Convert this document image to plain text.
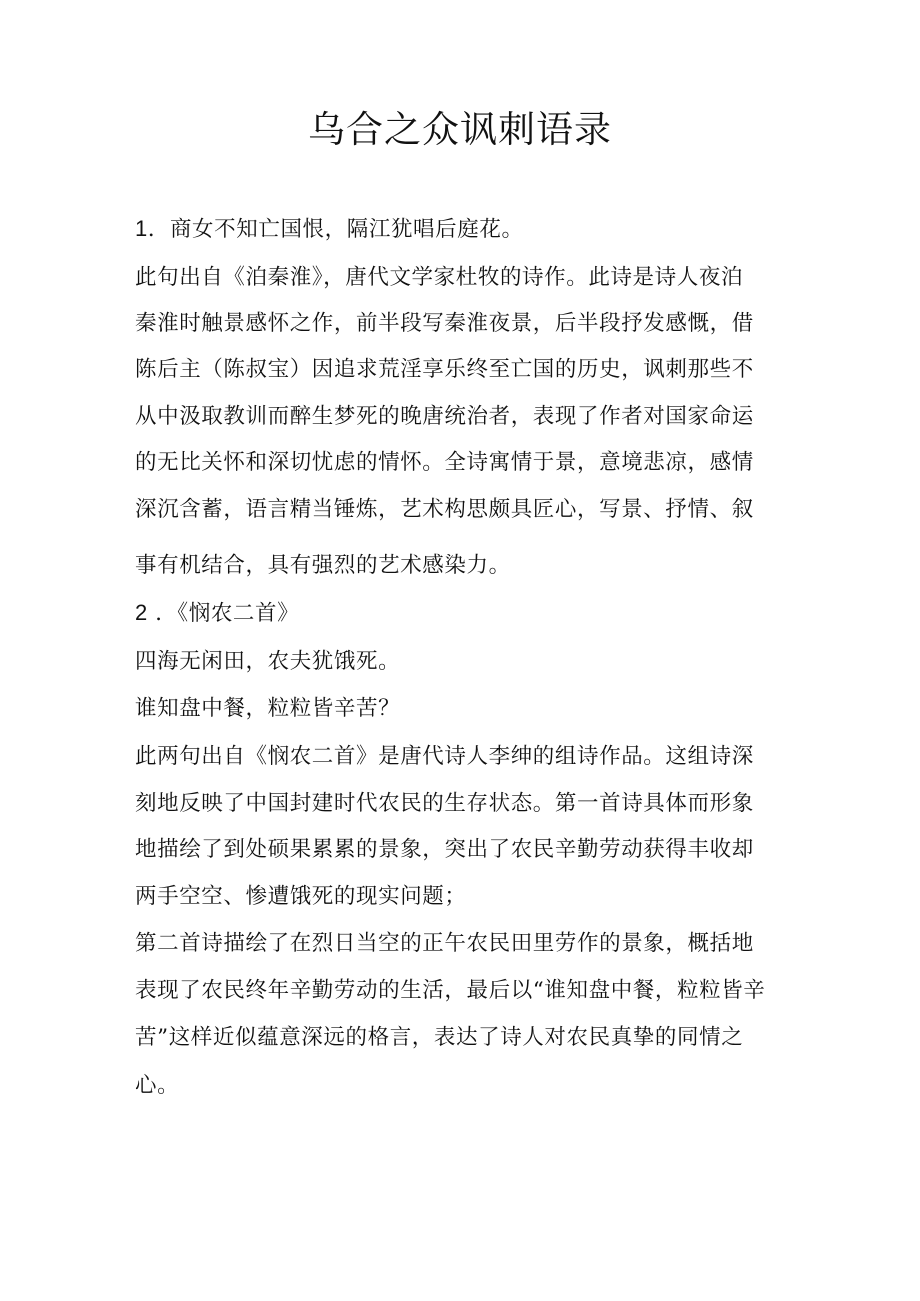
乌合之众讽刺语录

1．商女不知亡国恨，隔江犹唱后庭花。

此句出自《泊秦淮》，唐代文学家杜牧的诗作。此诗是诗人夜泊

秦淮时触景感怀之作，前半段写秦淮夜景，后半段抒发感慨，借

陈后主（陈叔宝）因追求荒淫享乐终至亡国的历史，讽刺那些不

从中汲取教训而醉生梦死的晚唐统治者，表现了作者对国家命运

的无比关怀和深切忧虑的情怀。全诗寓情于景，意境悲凉，感情

深沉含蓄，语言精当锤炼，艺术构思颇具匠心，写景、抒情、叙

事有机结合，具有强烈的艺术感染力。

2 ．《悯农二首》

四海无闲田，农夫犹饿死。

谁知盘中餐，粒粒皆辛苦？

此两句出自《悯农二首》是唐代诗人李绅的组诗作品。这组诗深

刻地反映了中国封建时代农民的生存状态。第一首诗具体而形象

地描绘了到处硕果累累的景象，突出了农民辛勤劳动获得丰收却

两手空空、惨遭饿死的现实问题；

第二首诗描绘了在烈日当空的正午农民田里劳作的景象，概括地

表现了农民终年辛勤劳动的生活，最后以“谁知盘中餐，粒粒皆辛

苦”这样近似蕴意深远的格言，表达了诗人对农民真挚的同情之

心。
